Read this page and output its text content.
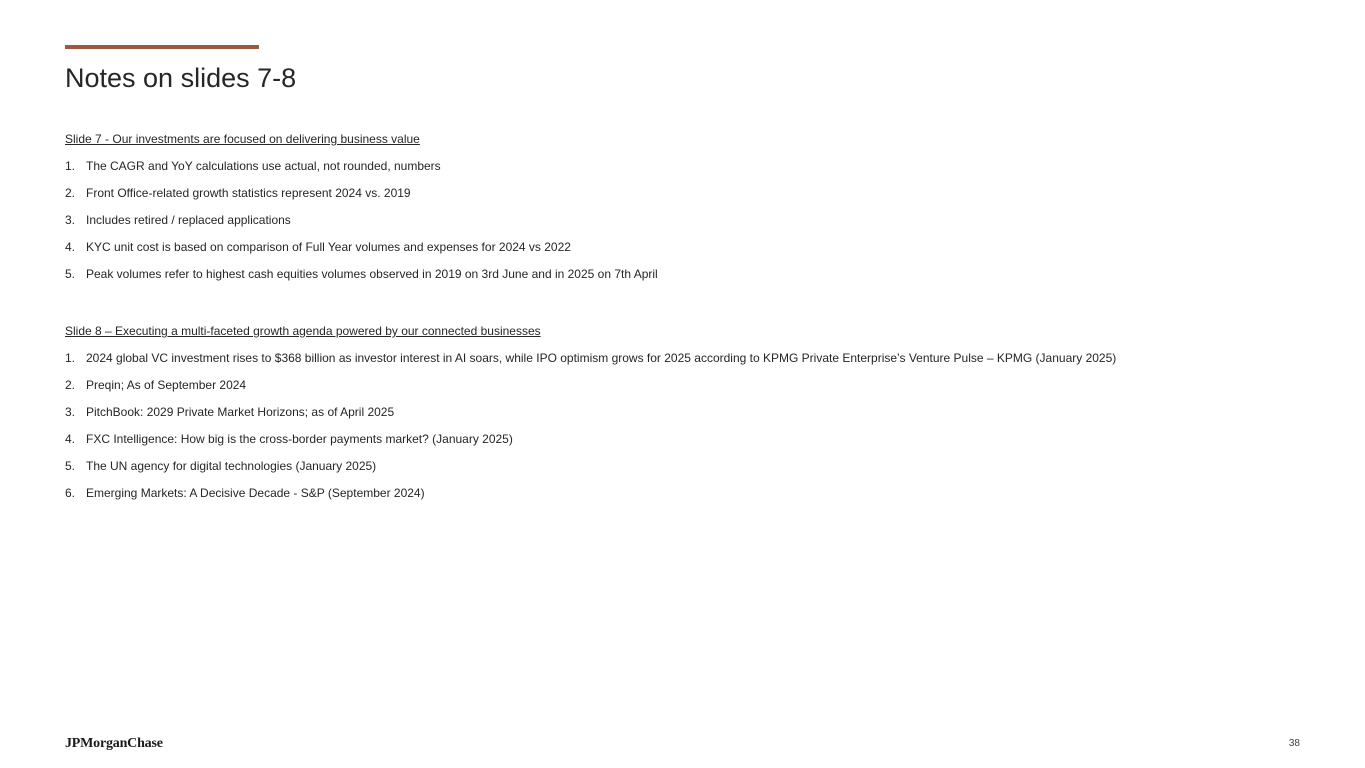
Notes on slides 7-8

Slide 7 - Our investments are focused on delivering business value

1. The CAGR and YoY calculations use actual, not rounded, numbers
2. Front Office-related growth statistics represent 2024 vs. 2019
3. Includes retired / replaced applications
4. KYC unit cost is based on comparison of Full Year volumes and expenses for 2024 vs 2022
5. Peak volumes refer to highest cash equities volumes observed in 2019 on 3rd June and in 2025 on 7th April

Slide 8 – Executing a multi-faceted growth agenda powered by our connected businesses

1. 2024 global VC investment rises to $368 billion as investor interest in AI soars, while IPO optimism grows for 2025 according to KPMG Private Enterprise’s Venture Pulse – KPMG (January 2025)
2. Preqin; As of September 2024
3. PitchBook: 2029 Private Market Horizons; as of April 2025
4. FXC Intelligence: How big is the cross-border payments market? (January 2025)
5. The UN agency for digital technologies (January 2025)
6. Emerging Markets: A Decisive Decade - S&P (September 2024)
JPMorganChase	38
